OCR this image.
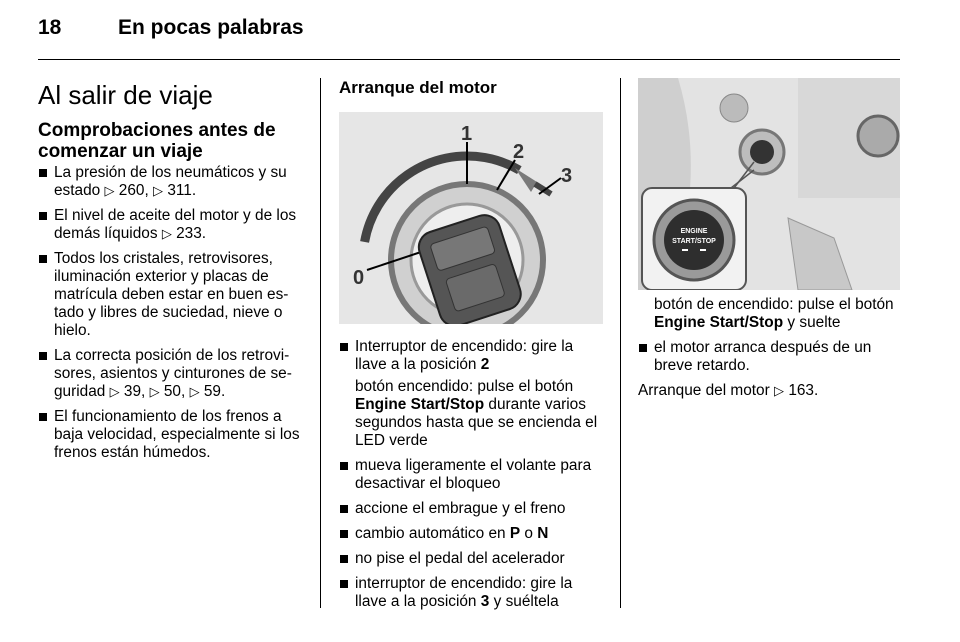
18	En pocas palabras
Al salir de viaje
Comprobaciones antes de comenzar un viaje
La presión de los neumáticos y su estado ▷ 260, ▷ 311.
El nivel de aceite del motor y de los demás líquidos ▷ 233.
Todos los cristales, retrovisores, iluminación exterior y placas de matrícula deben estar en buen estado y libres de suciedad, nieve o hielo.
La correcta posición de los retrovisores, asientos y cinturones de seguridad ▷ 39, ▷ 50, ▷ 59.
El funcionamiento de los frenos a baja velocidad, especialmente si los frenos están húmedos.
Arranque del motor
1
2
3
0
Interruptor de encendido: gire la llave a la posición 2
botón encendido: pulse el botón Engine Start/Stop durante varios segundos hasta que se encienda el LED verde
mueva ligeramente el volante para desactivar el bloqueo
accione el embrague y el freno
cambio automático en P o N
no pise el pedal del acelerador
interruptor de encendido: gire la llave a la posición 3 y suéltela
ENGINE
START/STOP
botón de encendido: pulse el botón Engine Start/Stop y suelte
el motor arranca después de un breve retardo.

Arranque del motor ▷ 163.
